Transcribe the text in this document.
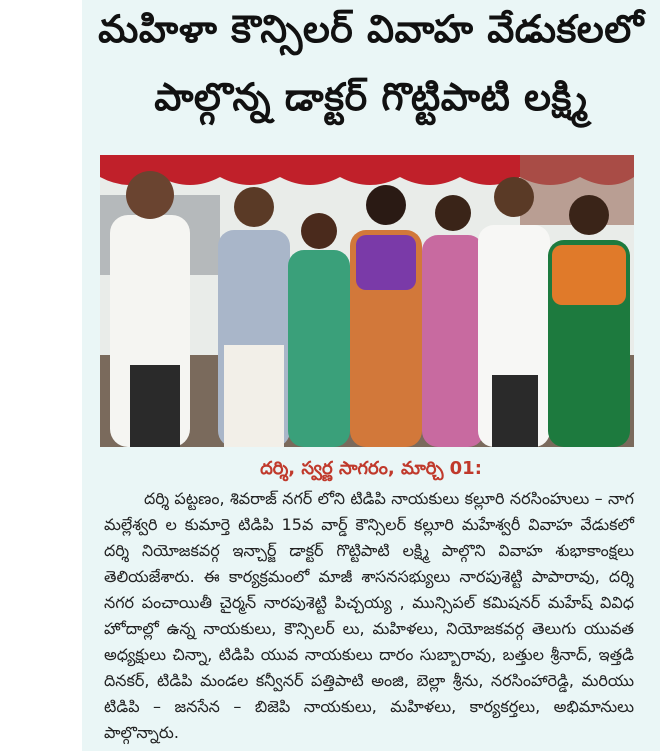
మహిళా కౌన్సిలర్ వివాహ వేడుకలలో
పాల్గొన్న డాక్టర్ గొట్టిపాటి లక్ష్మి
దర్శి, స్వర్ణ సాగరం, మార్చి 01:
దర్శి పట్టణం, శివరాజ్ నగర్ లోని టిడిపి నాయకులు కల్లూరి నరసింహులు – నాగ మల్లేశ్వరి ల కుమార్తె టిడిపి 15వ వార్డ్ కౌన్సిలర్ కల్లూరి మహేశ్వరీ వివాహ వేడుకలో దర్శి నియోజకవర్గ ఇన్చార్జ్ డాక్టర్ గొట్టిపాటి లక్ష్మి పాల్గొని వివాహ శుభాకాంక్షలు తెలియజేశారు. ఈ కార్యక్రమంలో మాజీ శాసనసభ్యులు నారపుశెట్టి పాపారావు, దర్శి నగర పంచాయితీ చైర్మన్ నారపుశెట్టి పిచ్చయ్య , మున్సిపల్ కమిషనర్ మహేష్ వివిధ హోదాల్లో ఉన్న నాయకులు, కౌన్సిలర్ లు, మహిళలు, నియోజకవర్గ తెలుగు యువత అధ్యక్షులు చిన్నా, టిడిపి యువ నాయకులు దారం సుబ్బారావు, బత్తుల శ్రీనాద్, ఇత్తడి దినకర్, టిడిపి మండల కన్వీనర్ పత్తిపాటి అంజి, బెల్లా శ్రీను, నరసింహారెడ్డి, మరియు టిడిపి – జనసేన – బిజెపి నాయకులు, మహిళలు, కార్యకర్తలు, అభిమానులు పాల్గొన్నారు.
